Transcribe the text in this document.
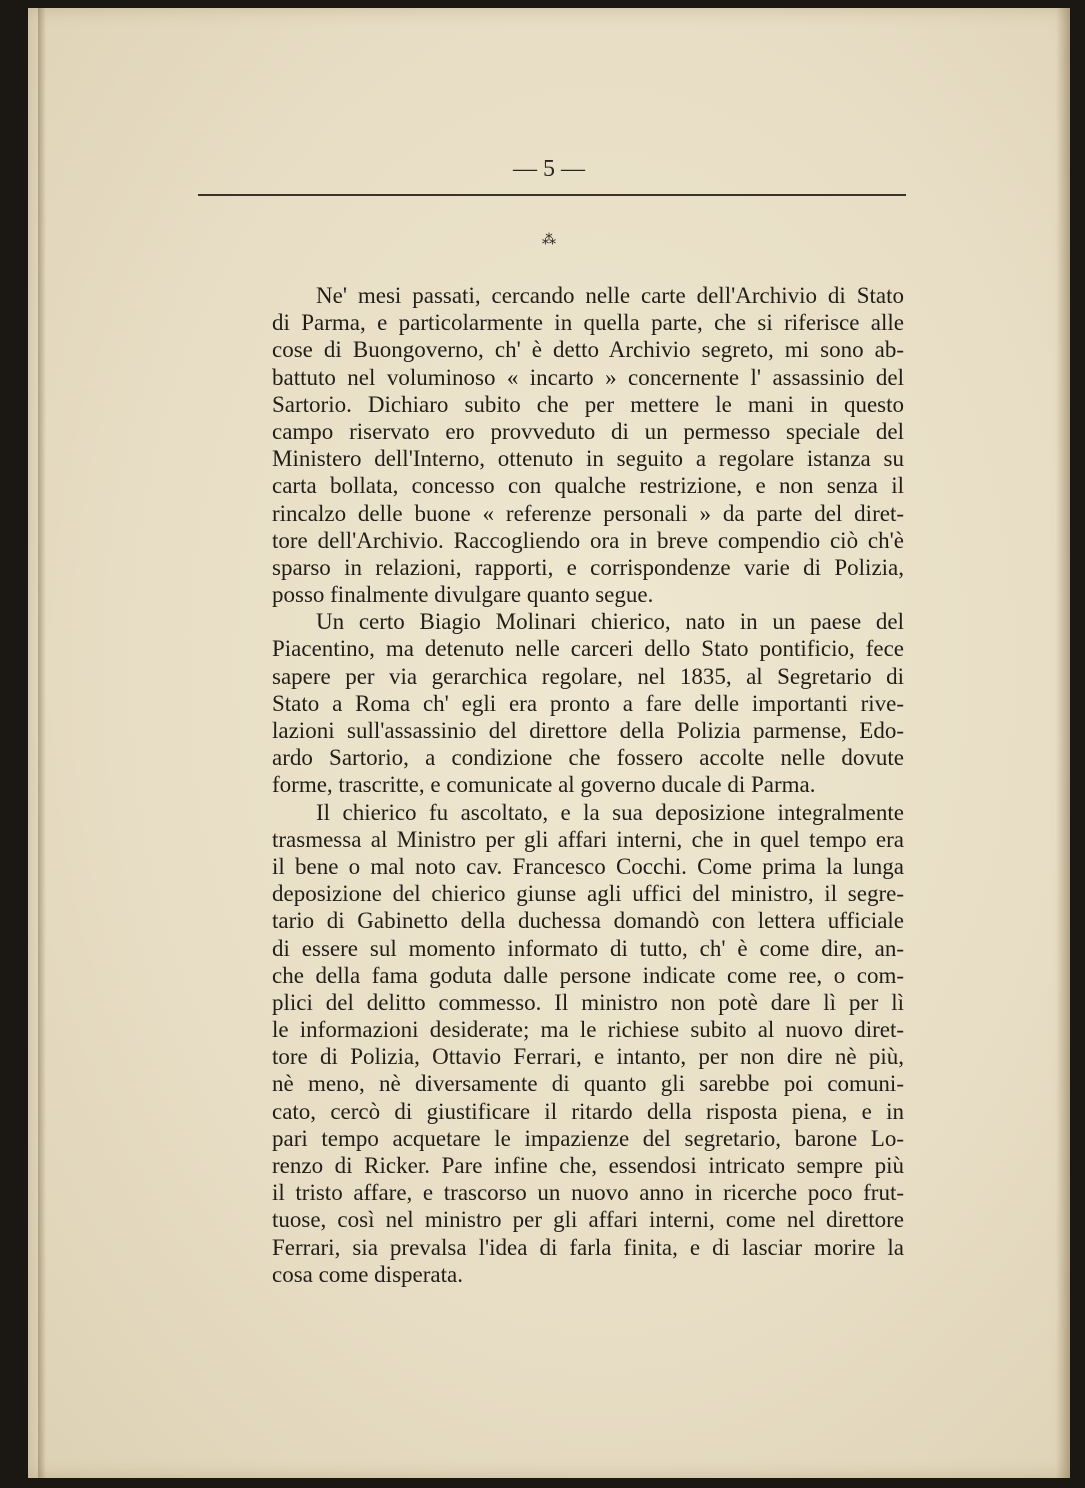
— 5 —
⁂
Ne' mesi passati, cercando nelle carte dell'Archivio di Stato
di Parma, e particolarmente in quella parte, che si riferisce alle
cose di Buongoverno, ch' è detto Archivio segreto, mi sono ab-
battuto nel voluminoso « incarto » concernente l' assassinio del
Sartorio. Dichiaro subito che per mettere le mani in questo
campo riservato ero provveduto di un permesso speciale del
Ministero dell'Interno, ottenuto in seguito a regolare istanza su
carta bollata, concesso con qualche restrizione, e non senza il
rincalzo delle buone « referenze personali » da parte del diret-
tore dell'Archivio. Raccogliendo ora in breve compendio ciò ch'è
sparso in relazioni, rapporti, e corrispondenze varie di Polizia,
posso finalmente divulgare quanto segue.
Un certo Biagio Molinari chierico, nato in un paese del
Piacentino, ma detenuto nelle carceri dello Stato pontificio, fece
sapere per via gerarchica regolare, nel 1835, al Segretario di
Stato a Roma ch' egli era pronto a fare delle importanti rive-
lazioni sull'assassinio del direttore della Polizia parmense, Edo-
ardo Sartorio, a condizione che fossero accolte nelle dovute
forme, trascritte, e comunicate al governo ducale di Parma.
Il chierico fu ascoltato, e la sua deposizione integralmente
trasmessa al Ministro per gli affari interni, che in quel tempo era
il bene o mal noto cav. Francesco Cocchi. Come prima la lunga
deposizione del chierico giunse agli uffici del ministro, il segre-
tario di Gabinetto della duchessa domandò con lettera ufficiale
di essere sul momento informato di tutto, ch' è come dire, an-
che della fama goduta dalle persone indicate come ree, o com-
plici del delitto commesso. Il ministro non potè dare lì per lì
le informazioni desiderate; ma le richiese subito al nuovo diret-
tore di Polizia, Ottavio Ferrari, e intanto, per non dire nè più,
nè meno, nè diversamente di quanto gli sarebbe poi comuni-
cato, cercò di giustificare il ritardo della risposta piena, e in
pari tempo acquetare le impazienze del segretario, barone Lo-
renzo di Ricker. Pare infine che, essendosi intricato sempre più
il tristo affare, e trascorso un nuovo anno in ricerche poco frut-
tuose, così nel ministro per gli affari interni, come nel direttore
Ferrari, sia prevalsa l'idea di farla finita, e di lasciar morire la
cosa come disperata.
